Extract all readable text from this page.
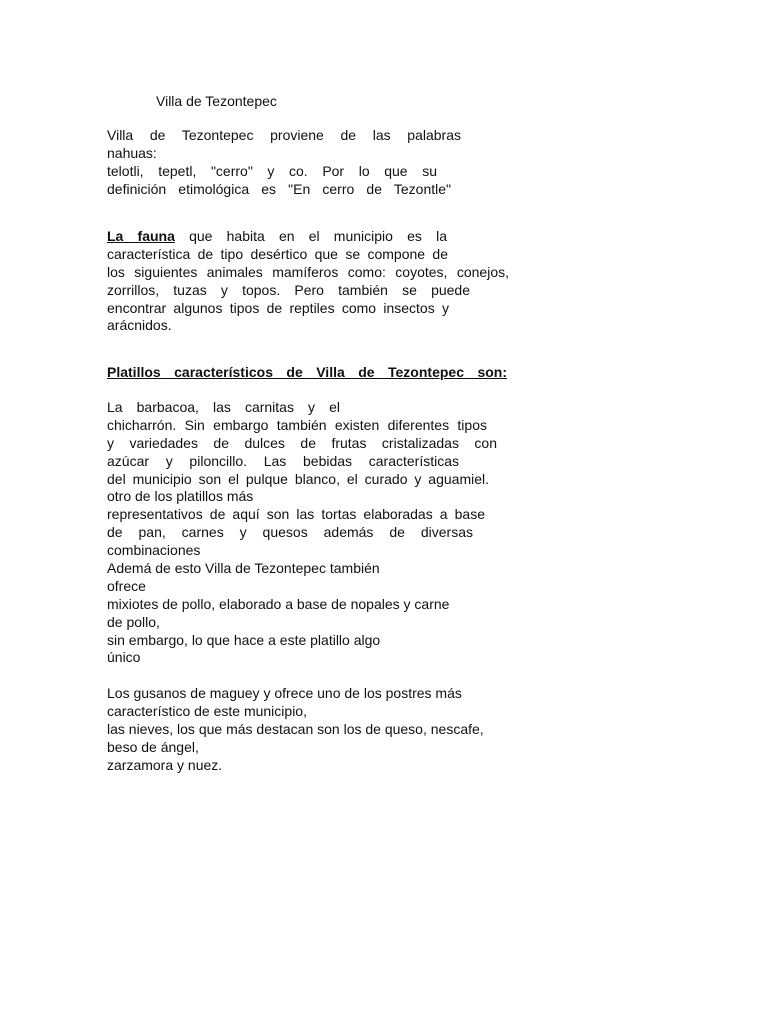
Villa de Tezontepec
Villa de Tezontepec proviene de las palabras
nahuas:
telotli, tepetl, "cerro" y co. Por lo que su
definición etimológica es "En cerro de Tezontle"
La fauna que habita en el municipio es la
característica de tipo desértico que se compone de
los siguientes animales mamíferos como: coyotes, conejos,
zorrillos, tuzas y topos. Pero también se puede
encontrar algunos tipos de reptiles como insectos y
arácnidos.
Platillos característicos de Villa de Tezontepec son:
La barbacoa, las carnitas y el
chicharrón. Sin embargo también existen diferentes tipos
y variedades de dulces de frutas cristalizadas con
azúcar y piloncillo. Las bebidas características
del municipio son el pulque blanco, el curado y aguamiel.
otro de los platillos más
representativos de aquí son las tortas elaboradas a base
de pan, carnes y quesos además de diversas
combinaciones
Ademá de esto Villa de Tezontepec también
ofrece
mixiotes de pollo, elaborado a base de nopales y carne
de pollo,
sin embargo, lo que hace a este platillo algo
único
Los gusanos de maguey y ofrece uno de los postres más
característico de este municipio,
las nieves, los que más destacan son los de queso, nescafe,
beso de ángel,
zarzamora y nuez.
